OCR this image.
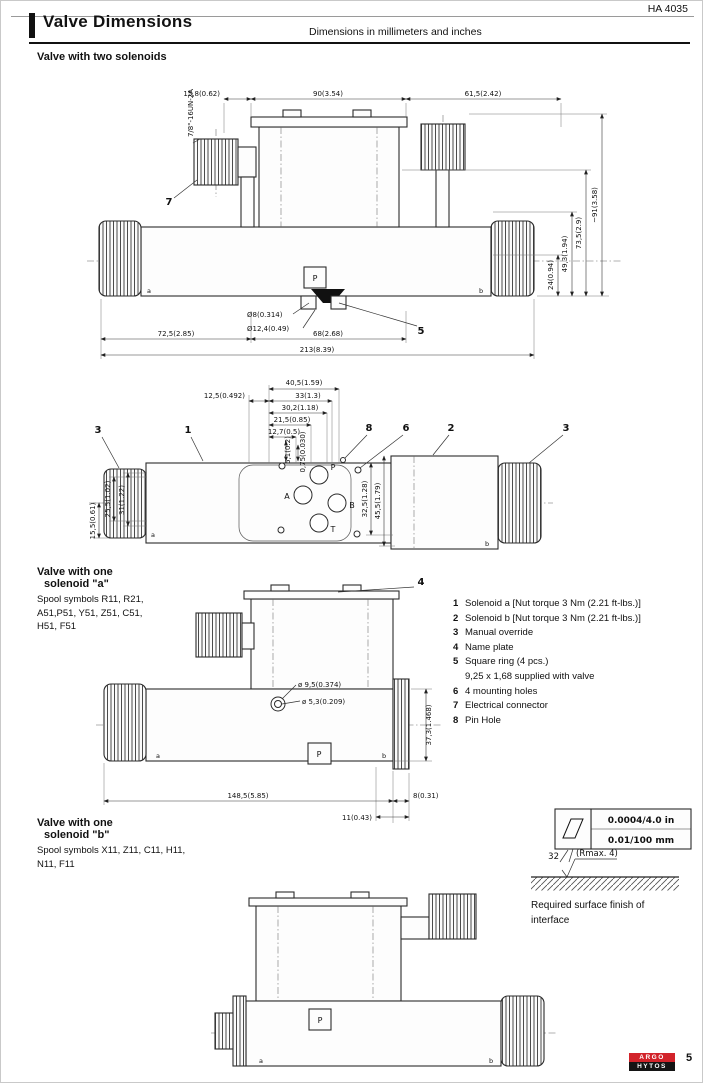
HA 4035
Valve Dimensions
Dimensions in millimeters and inches
Valve with two solenoids
P
a	b
15,8(0.62)	90(3.54)	61,5(2.42)
7/8"-16UN-2A
24(0.94)
49,3(1.94)
73,5(2.9)
~91(3.58)
Ø8(0.314)
Ø12,4(0.49)
72,5(2.85)	68(2.68)
213(8.39)
7
5
P
A
B
T
a
b
40,5(1.59)
12,5(0.492)	33(1.3)
30,2(1.18)
21,5(0.85)
12,7(0.5)
5,1(0.2) 0,75(0.030)
15,5(0.61)
25,5(1.02) 31(1.22)	32,5(1.28) 45,5(1.79)
3	1	8	6	2	3
Valve with one
solenoid "a"
Spool symbols R11, R21,
A51,P51, Y51, Z51, C51,
H51, F51
1 Solenoid a [Nut torque 3 Nm (2.21 ft-lbs.)]
2 Solenoid b [Nut torque 3 Nm (2.21 ft-lbs.)]
3 Manual override
4 Name plate
5 Square ring (4 pcs.)
9,25 x 1,68 supplied with valve
6 4 mounting holes
7 Electrical connector
8 Pin Hole
P
a	b
ø 9,5(0.374)
ø 5,3(0.209)
4
37,3(1.468)
148,5(5.85)	8(0.31)
11(0.43)
Valve with one
solenoid "b"
Spool symbols X11, Z11, C11, H11,
N11, F11
0.0004/4.0 in
0.01/100 mm
32 (Rmax. 4)
Required surface finish of
interface
P
a	b	ARGO
HYTOS
5
